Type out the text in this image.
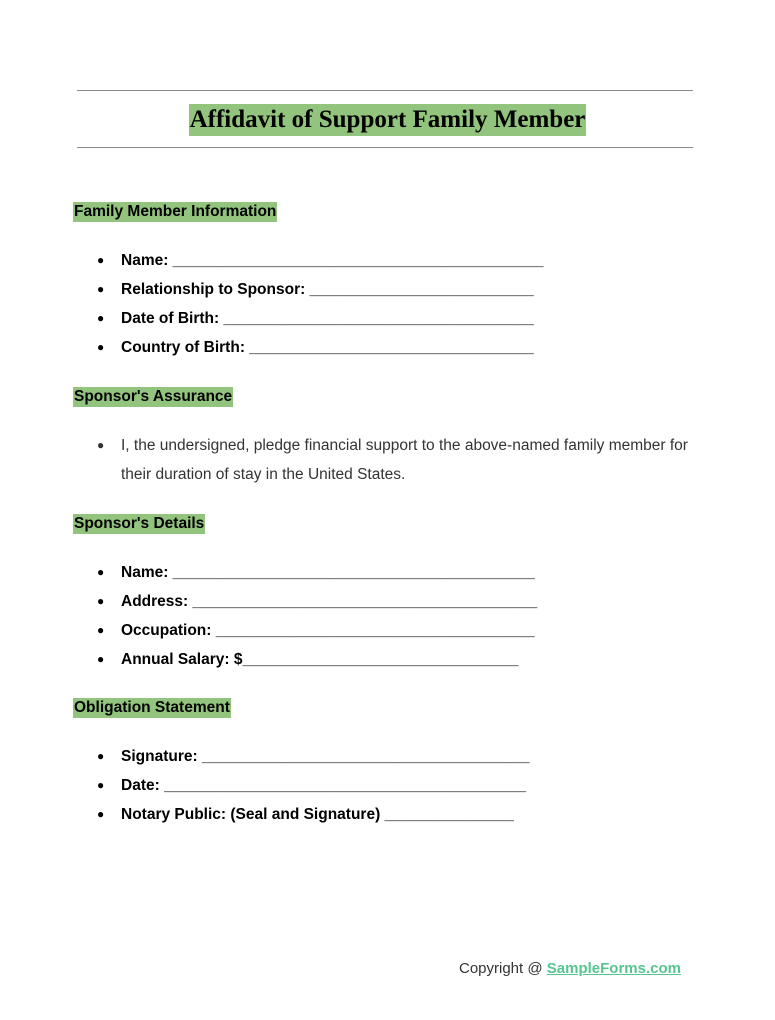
Affidavit of Support Family Member
Family Member Information
● Name: ___________________________________________
● Relationship to Sponsor: __________________________
● Date of Birth: ____________________________________
● Country of Birth: _________________________________
Sponsor's Assurance
● I, the undersigned, pledge financial support to the above-named family member for their duration of stay in the United States.
Sponsor's Details
● Name: __________________________________________
● Address: ________________________________________
● Occupation: _____________________________________
● Annual Salary: $________________________________
Obligation Statement
● Signature: ______________________________________
● Date: __________________________________________
● Notary Public: (Seal and Signature) _______________
Copyright @ SampleForms.com
